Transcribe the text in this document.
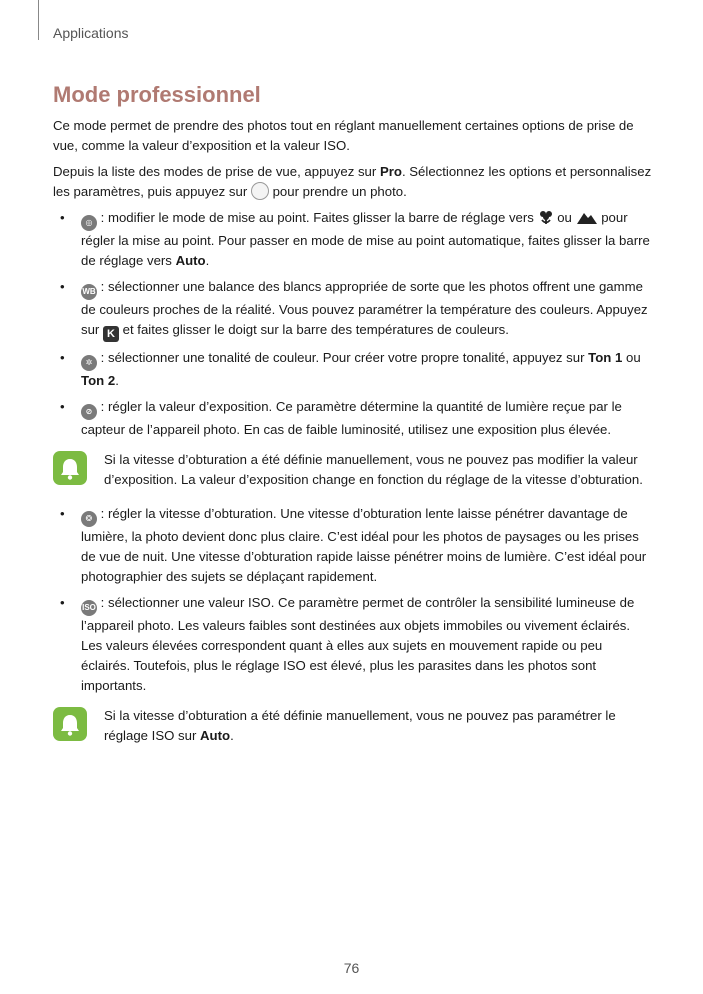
Applications
Mode professionnel

Ce mode permet de prendre des photos tout en réglant manuellement certaines options de prise de vue, comme la valeur d’exposition et la valeur ISO.

Depuis la liste des modes de prise de vue, appuyez sur Pro. Sélectionnez les options et personnalisez les paramètres, puis appuyez sur  pour prendre un photo.

•	◎ : modifier le mode de mise au point. Faites glisser la barre de réglage vers  ou  pour régler la mise au point. Pour passer en mode de mise au point automatique, faites glisser la barre de réglage vers Auto.
• WB : sélectionner une balance des blancs appropriée de sorte que les photos offrent une gamme de couleurs proches de la réalité. Vous pouvez paramétrer la température des couleurs. Appuyez sur K et faites glisser le doigt sur la barre des températures de couleurs.
•	✲ : sélectionner une tonalité de couleur. Pour créer votre propre tonalité, appuyez sur Ton 1 ou Ton 2.
•	⊘ : régler la valeur d’exposition. Ce paramètre détermine la quantité de lumière reçue par le capteur de l’appareil photo. En cas de faible luminosité, utilisez une exposition plus élevée.
Si la vitesse d’obturation a été définie manuellement, vous ne pouvez pas modifier la valeur d’exposition. La valeur d’exposition change en fonction du réglage de la vitesse d’obturation.
•	❂ : régler la vitesse d’obturation. Une vitesse d’obturation lente laisse pénétrer davantage de lumière, la photo devient donc plus claire. C’est idéal pour les photos de paysages ou les prises de vue de nuit. Une vitesse d’obturation rapide laisse pénétrer moins de lumière. C’est idéal pour photographier des sujets se déplaçant rapidement.
• ISO : sélectionner une valeur ISO. Ce paramètre permet de contrôler la sensibilité lumineuse de l’appareil photo. Les valeurs faibles sont destinées aux objets immobiles ou vivement éclairés. Les valeurs élevées correspondent quant à elles aux sujets en mouvement rapide ou peu éclairés. Toutefois, plus le réglage ISO est élevé, plus les parasites dans les photos sont importants.
Si la vitesse d’obturation a été définie manuellement, vous ne pouvez pas paramétrer le réglage ISO sur Auto.
76
